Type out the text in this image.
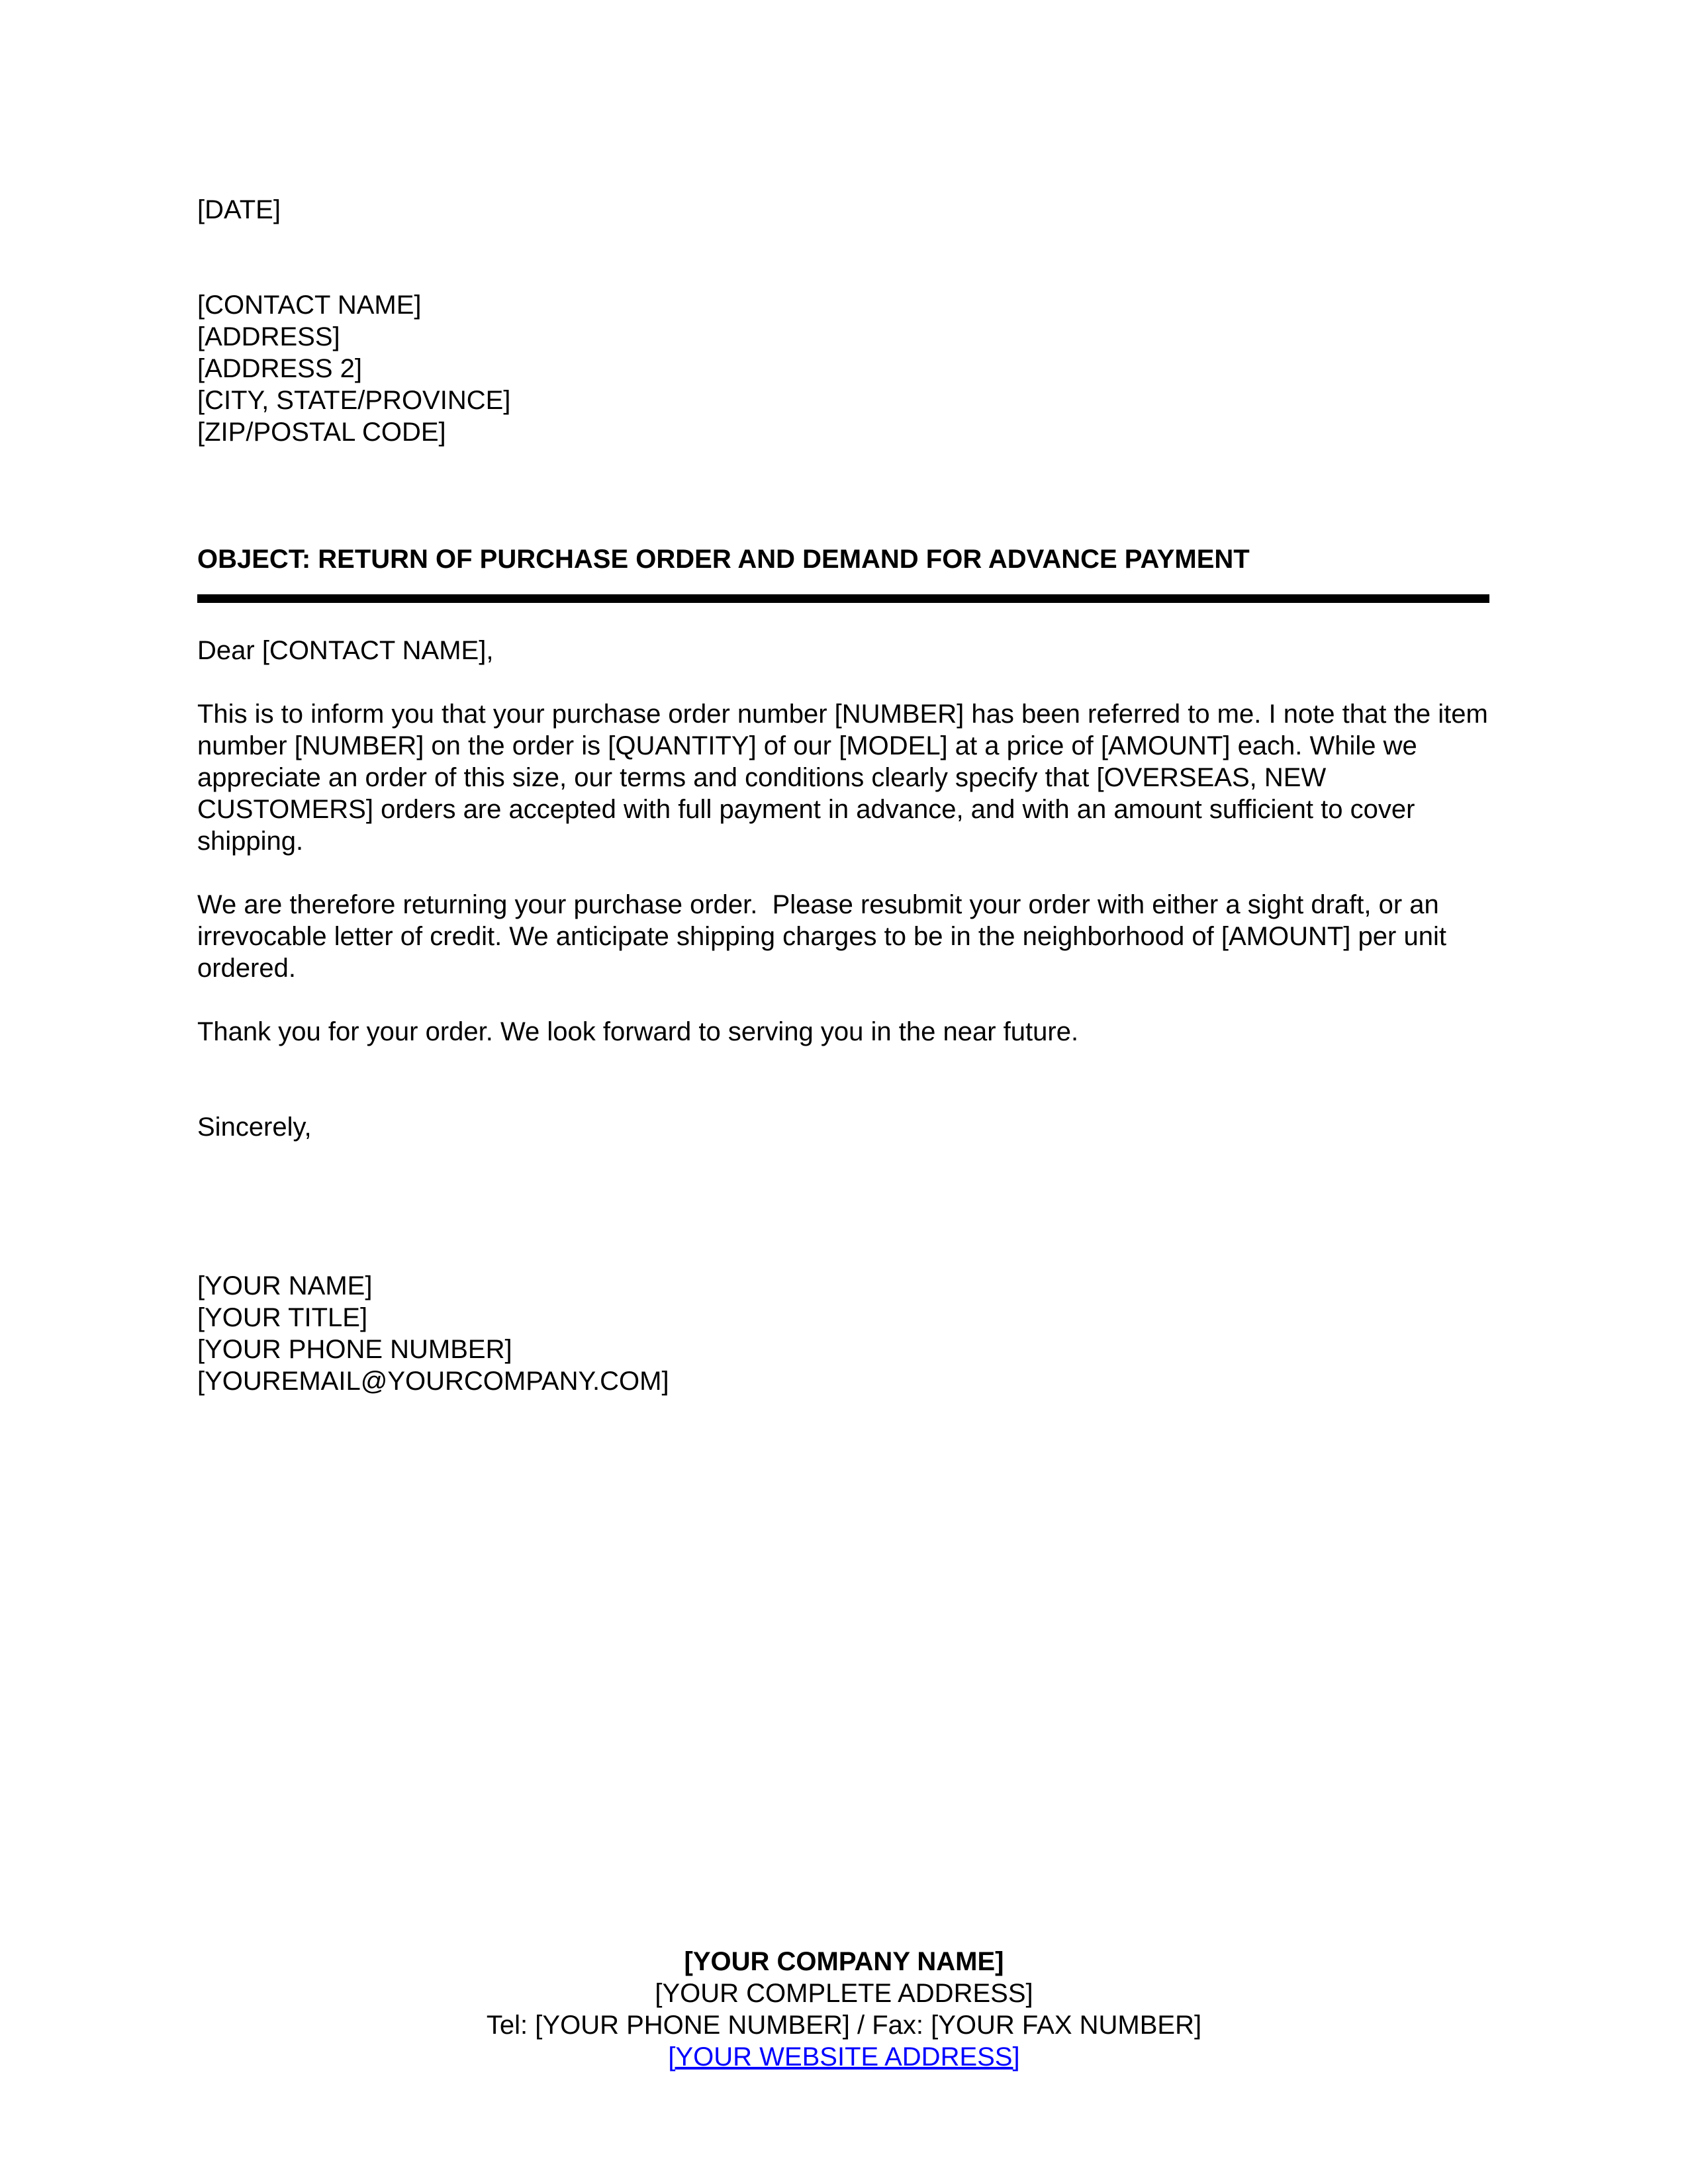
[DATE]
[CONTACT NAME]
[ADDRESS]
[ADDRESS 2]
[CITY, STATE/PROVINCE]
[ZIP/POSTAL CODE]
OBJECT: RETURN OF PURCHASE ORDER AND DEMAND FOR ADVANCE PAYMENT
Dear [CONTACT NAME],

This is to inform you that your purchase order number [NUMBER] has been referred to me. I note that the item number [NUMBER] on the order is [QUANTITY] of our [MODEL] at a price of [AMOUNT] each. While we appreciate an order of this size, our terms and conditions clearly specify that [OVERSEAS, NEW CUSTOMERS] orders are accepted with full payment in advance, and with an amount sufficient to cover shipping.

We are therefore returning your purchase order.  Please resubmit your order with either a sight draft, or an irrevocable letter of credit. We anticipate shipping charges to be in the neighborhood of [AMOUNT] per unit ordered.

Thank you for your order. We look forward to serving you in the near future.

Sincerely,
[YOUR NAME]
[YOUR TITLE]
[YOUR PHONE NUMBER]
[YOUREMAIL@YOURCOMPANY.COM]
[YOUR COMPANY NAME]
[YOUR COMPLETE ADDRESS]
Tel: [YOUR PHONE NUMBER] / Fax: [YOUR FAX NUMBER]
[YOUR WEBSITE ADDRESS]
